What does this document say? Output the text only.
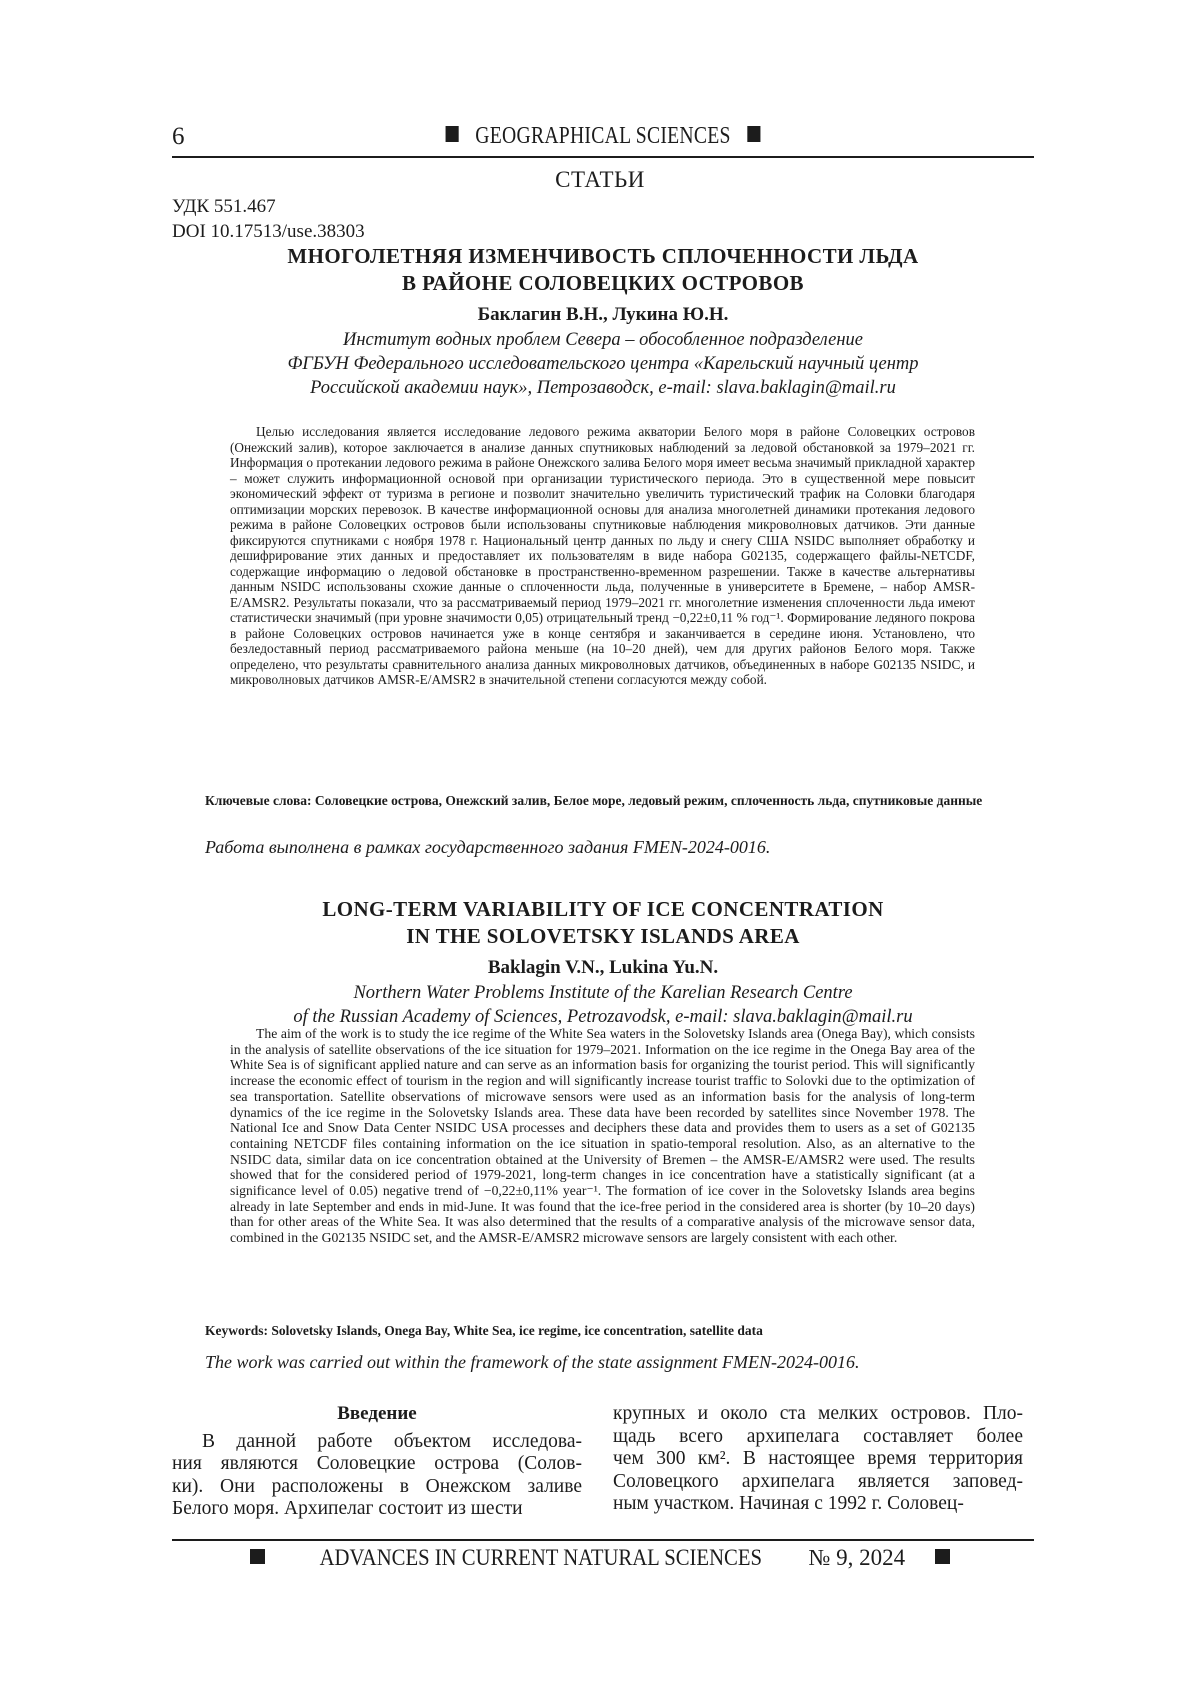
6	GEOGRAPHICAL SCIENCES
СТАТЬИ
УДК 551.467
DOI 10.17513/use.38303
МНОГОЛЕТНЯЯ ИЗМЕНЧИВОСТЬ СПЛОЧЕННОСТИ ЛЬДА
В РАЙОНЕ СОЛОВЕЦКИХ ОСТРОВОВ
Баклагин В.Н., Лукина Ю.Н.
Институт водных проблем Севера – обособленное подразделение
ФГБУН Федерального исследовательского центра «Карельский научный центр
Российской академии наук», Петрозаводск, e-mail: slava.baklagin@mail.ru
Целью исследования является исследование ледового режима акватории Белого моря в районе Соловецких островов (Онежский залив), которое заключается в анализе данных спутниковых наблюдений за ледовой обстановкой за 1979–2021 гг. Информация о протекании ледового режима в районе Онежского залива Белого моря имеет весьма значимый прикладной характер – может служить информационной основой при организации туристического периода. Это в существенной мере повысит экономический эффект от туризма в регионе и позволит значительно увеличить туристический трафик на Соловки благодаря оптимизации морских перевозок. В качестве информационной основы для анализа многолетней динамики протекания ледового режима в районе Соловецких островов были использованы спутниковые наблюдения микроволновых датчиков. Эти данные фиксируются спутниками с ноября 1978 г. Национальный центр данных по льду и снегу США NSIDC выполняет обработку и дешифрирование этих данных и предоставляет их пользователям в виде набора G02135, содержащего файлы-NETCDF, содержащие информацию о ледовой обстановке в пространственно-временном разрешении. Также в качестве альтернативы данным NSIDC использованы схожие данные о сплоченности льда, полученные в университете в Бремене, – набор AMSR-E/AMSR2. Результаты показали, что за рассматриваемый период 1979–2021 гг. многолетние изменения сплоченности льда имеют статистически значимый (при уровне значимости 0,05) отрицательный тренд −0,22±0,11 % год⁻¹. Формирование ледяного покрова в районе Соловецких островов начинается уже в конце сентября и заканчивается в середине июня. Установлено, что безледоставный период рассматриваемого района меньше (на 10–20 дней), чем для других районов Белого моря. Также определено, что результаты сравнительного анализа данных микроволновых датчиков, объединенных в наборе G02135 NSIDC, и микроволновых датчиков AMSR-E/AMSR2 в значительной степени согласуются между собой.
Ключевые слова: Соловецкие острова, Онежский залив, Белое море, ледовый режим, сплоченность льда, спутниковые данные
Работа выполнена в рамках государственного задания FMEN-2024-0016.
LONG-TERM VARIABILITY OF ICE CONCENTRATION
IN THE SOLOVETSKY ISLANDS AREA
Baklagin V.N., Lukina Yu.N.
Northern Water Problems Institute of the Karelian Research Centre
of the Russian Academy of Sciences, Petrozavodsk, e-mail: slava.baklagin@mail.ru
The aim of the work is to study the ice regime of the White Sea waters in the Solovetsky Islands area (Onega Bay), which consists in the analysis of satellite observations of the ice situation for 1979–2021. Information on the ice regime in the Onega Bay area of the White Sea is of significant applied nature and can serve as an information basis for organizing the tourist period. This will significantly increase the economic effect of tourism in the region and will significantly increase tourist traffic to Solovki due to the optimization of sea transportation. Satellite observations of microwave sensors were used as an information basis for the analysis of long-term dynamics of the ice regime in the Solovetsky Islands area. These data have been recorded by satellites since November 1978. The National Ice and Snow Data Center NSIDC USA processes and deciphers these data and provides them to users as a set of G02135 containing NETCDF files containing information on the ice situation in spatio-temporal resolution. Also, as an alternative to the NSIDC data, similar data on ice concentration obtained at the University of Bremen – the AMSR-E/AMSR2 were used. The results showed that for the considered period of 1979-2021, long-term changes in ice concentration have a statistically significant (at a significance level of 0.05) negative trend of −0,22±0,11% year⁻¹. The formation of ice cover in the Solovetsky Islands area begins already in late September and ends in mid-June. It was found that the ice-free period in the considered area is shorter (by 10–20 days) than for other areas of the White Sea. It was also determined that the results of a comparative analysis of the microwave sensor data, combined in the G02135 NSIDC set, and the AMSR-E/AMSR2 microwave sensors are largely consistent with each other.
Keywords: Solovetsky Islands, Onega Bay, White Sea, ice regime, ice concentration, satellite data
The work was carried out within the framework of the state assignment FMEN-2024-0016.
Введение
В данной работе объектом исследова-
ния являются Соловецкие острова (Солов-
ки). Они расположены в Онежском заливе
Белого моря. Архипелаг состоит из шести
крупных и около ста мелких островов. Пло-
щадь всего архипелага составляет более
чем 300 км². В настоящее время территория
Соловецкого архипелага является заповед-
ным участком. Начиная с 1992 г. Соловец-
ADVANCES IN CURRENT NATURAL SCIENCES № 9, 2024
